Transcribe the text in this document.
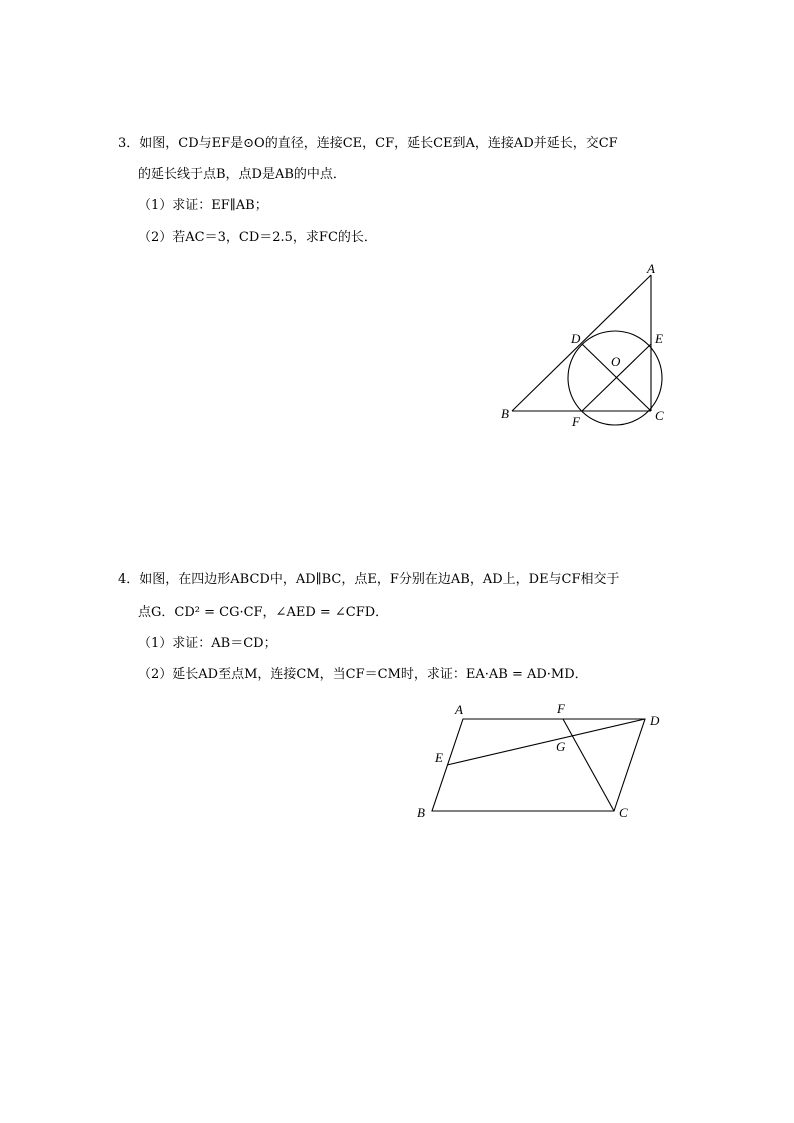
3．如图，CD与EF是⊙O的直径，连接CE，CF，延长CE到A，连接AD并延长，交CF
的延长线于点B，点D是AB的中点．
（1）求证：EF∥AB；
（2）若AC＝3，CD＝2.5，求FC的长．
4．如图，在四边形ABCD中，AD∥BC，点E，F分别在边AB，AD上，DE与CF相交于
点G．CD² = CG·CF，∠AED = ∠CFD．
（1）求证：AB＝CD；
（2）延长AD至点M，连接CM，当CF＝CM时，求证：EA·AB = AD·MD．
A
B	C
D	E
F
O
A
B	C
D
E
F
G
